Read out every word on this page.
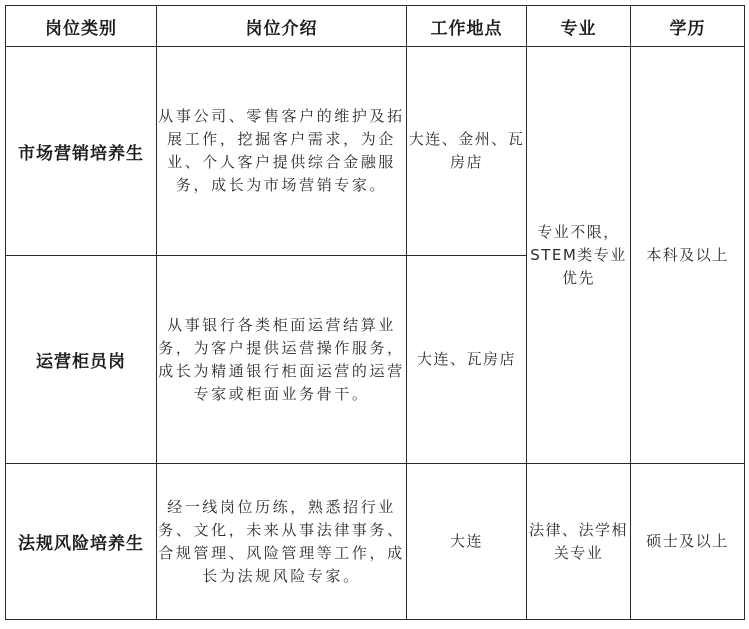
岗位类别	岗位介绍	工作地点	专业	学历
市场营销培养生	从事公司、零售客户的维护及拓展工作，挖掘客户需求，为企业、个人客户提供综合金融服务，成长为市场营销专家。	大连、金州、瓦房店	专业不限，STEM类专业优先	本科及以上
运营柜员岗	从事银行各类柜面运营结算业务，为客户提供运营操作服务，成长为精通银行柜面运营的运营专家或柜面业务骨干。	大连、瓦房店		
法规风险培养生	经一线岗位历练，熟悉招行业务、文化，未来从事法律事务、合规管理、风险管理等工作，成长为法规风险专家。	大连	法律、法学相关专业	硕士及以上
